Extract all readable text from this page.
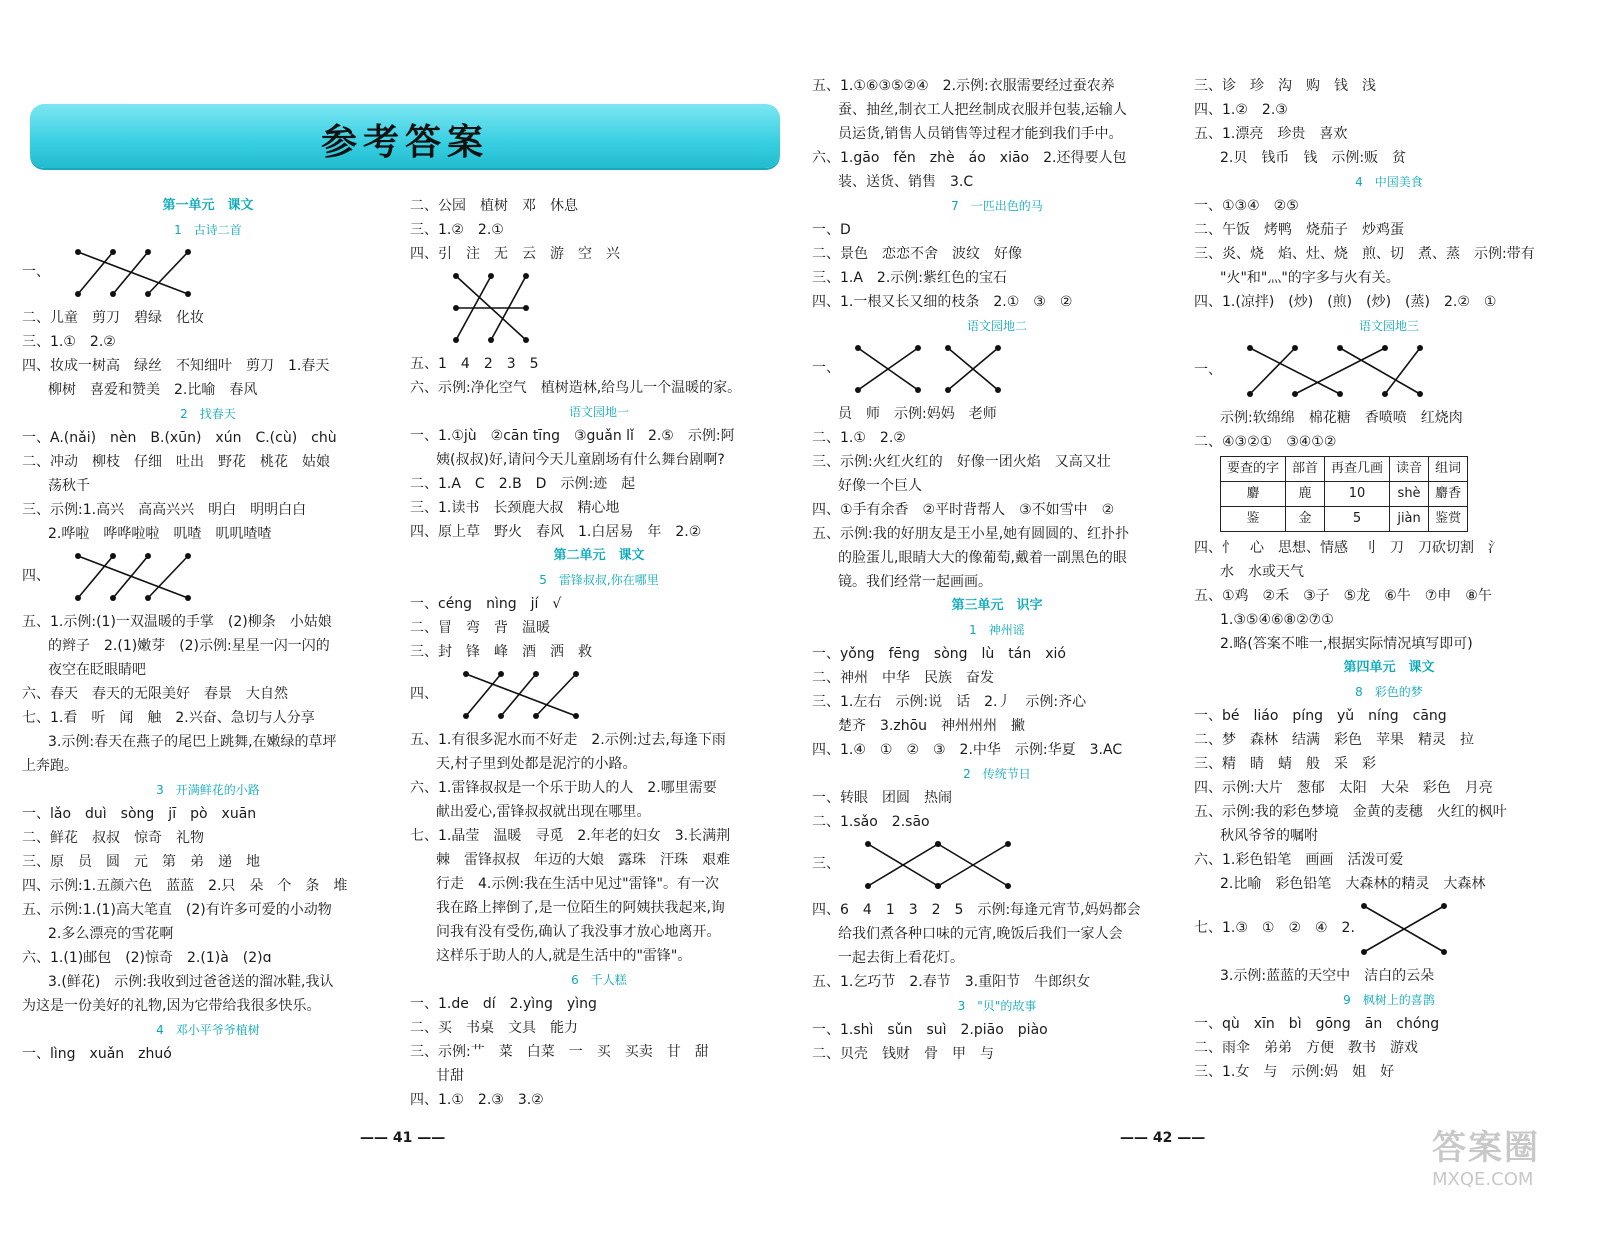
参考答案
第一单元　课文
1　古诗二首
一、
二、儿童　剪刀　碧绿　化妆
三、1.①　2.②
四、妆成一树高　绿丝　不知细叶　剪刀　1.春天
柳树　喜爱和赞美　2.比喻　春风
2　找春天
一、A.(nǎi)　nèn　B.(xūn)　xún　C.(cù)　chù
二、冲动　柳枝　仔细　吐出　野花　桃花　姑娘
荡秋千
三、示例:1.高兴　高高兴兴　明白　明明白白
2.哗啦　哗哗啦啦　叽喳　叽叽喳喳
四、
五、1.示例:(1)一双温暖的手掌　(2)柳条　小姑娘
的辫子　2.(1)嫩芽　(2)示例:星星一闪一闪的
夜空在眨眼睛吧
六、春天　春天的无限美好　春景　大自然
七、1.看　听　闻　触　2.兴奋、急切与人分享
3.示例:春天在燕子的尾巴上跳舞,在嫩绿的草坪
上奔跑。
3　开满鲜花的小路
一、lǎo　duì　sòng　jī　pò　xuān
二、鲜花　叔叔　惊奇　礼物
三、原　员　圆　元　第　弟　递　地
四、示例:1.五颜六色　蓝蓝　2.只　朵　个　条　堆
五、示例:1.(1)高大笔直　(2)有许多可爱的小动物
2.多么漂亮的雪花啊
六、1.(1)邮包　(2)惊奇　2.(1)à　(2)ɑ
3.(鲜花)　示例:我收到过爸爸送的溜冰鞋,我认
为这是一份美好的礼物,因为它带给我很多快乐。
4　邓小平爷爷植树
一、lìng　xuǎn　zhuó
二、公园　植树　邓　休息
三、1.②　2.①
四、引　注　无　云　游　空　兴
五、1　4　2　3　5
六、示例:净化空气　植树造林,给鸟儿一个温暖的家。
语文园地一
一、1.①jù　②cān tīng　③guǎn lǐ　2.⑤　示例:阿
姨(叔叔)好,请问今天儿童剧场有什么舞台剧啊?
二、1.A　C　2.B　D　示例:迹　起
三、1.读书　长颈鹿大叔　精心地
四、原上草　野火　春风　1.白居易　年　2.②
第二单元　课文
5　雷锋叔叔,你在哪里
一、céng　nìng　jí　√
二、冒　弯　背　温暖
三、封　锋　峰　酒　洒　救
四、
五、1.有很多泥水而不好走　2.示例:过去,每逢下雨
天,村子里到处都是泥泞的小路。
六、1.雷锋叔叔是一个乐于助人的人　2.哪里需要
献出爱心,雷锋叔叔就出现在哪里。
七、1.晶莹　温暖　寻觅　2.年老的妇女　3.长满荆
棘　雷锋叔叔　年迈的大娘　露珠　汗珠　艰难
行走　4.示例:我在生活中见过"雷锋"。有一次
我在路上摔倒了,是一位陌生的阿姨扶我起来,询
问我有没有受伤,确认了我没事才放心地离开。
这样乐于助人的人,就是生活中的"雷锋"。
6　千人糕
一、1.de　dí　2.yìng　yìng
二、买　书桌　文具　能力
三、示例:艹　菜　白菜　一　买　买卖　甘　甜
甘甜
四、1.①　2.③　3.②
—— 41 ——
五、1.①⑥③⑤②④　2.示例:衣服需要经过蚕农养
蚕、抽丝,制衣工人把丝制成衣服并包装,运输人
员运货,销售人员销售等过程才能到我们手中。
六、1.gāo　fěn　zhè　áo　xiāo　2.还得要人包
装、送货、销售　3.C
7　一匹出色的马
一、D
二、景色　恋恋不舍　波纹　好像
三、1.A　2.示例:紫红色的宝石
四、1.一根又长又细的枝条　2.①　③　②
语文园地二
一、
员　师　示例:妈妈　老师
二、1.①　2.②
三、示例:火红火红的　好像一团火焰　又高又壮
好像一个巨人
四、①手有余香　②平时背帮人　③不如雪中　②
五、示例:我的好朋友是王小星,她有圆圆的、红扑扑
的脸蛋儿,眼睛大大的像葡萄,戴着一副黑色的眼
镜。我们经常一起画画。
第三单元　识字
1　神州谣
一、yǒng　fēng　sòng　lù　tán　xió
二、神州　中华　民族　奋发
三、1.左右　示例:说　话　2.丿　示例:齐心
楚齐　3.zhōu　神州州州　撇
四、1.④　①　②　③　2.中华　示例:华夏　3.AC
2　传统节日
一、转眼　团圆　热闹
二、1.sǎo　2.sāo
三、
四、6　4　1　3　2　5　示例:每逢元宵节,妈妈都会
给我们煮各种口味的元宵,晚饭后我们一家人会
一起去街上看花灯。
五、1.乞巧节　2.春节　3.重阳节　牛郎织女
3　"贝"的故事
一、1.shì　sǔn　suì　2.piāo　piào
二、贝壳　钱财　骨　甲　与
三、诊　珍　沟　购　钱　浅
四、1.②　2.③
五、1.漂亮　珍贵　喜欢
2.贝　钱币　钱　示例:贩　贫
4　中国美食
一、①③④　②⑤
二、午饭　烤鸭　烧茄子　炒鸡蛋
三、炎、烧　焰、灶、烧　煎、切　煮、蒸　示例:带有
"火"和"灬"的字多与火有关。
四、1.(凉拌)　(炒)　(煎)　(炒)　(蒸)　2.②　①
语文园地三
一、
示例:软绵绵　棉花糖　香喷喷　红烧肉
二、④③②①　③④①②
要查的字	部首	再查几画	读音	组词
麝	鹿	10	shè	麝香
鉴	金	5	jiàn	鉴赏
四、忄　心　思想、情感　刂　刀　刀砍切割　氵
水　水或天气
五、①鸡　②禾　③子　⑤龙　⑥牛　⑦申　⑧午
1.③⑤④⑥⑧②⑦①
2.略(答案不唯一,根据实际情况填写即可)
第四单元　课文
8　彩色的梦
一、bé　liáo　píng　yǔ　níng　cāng
二、梦　森林　结满　彩色　苹果　精灵　拉
三、精　睛　蜻　般　采　彩
四、示例:大片　葱郁　太阳　大朵　彩色　月亮
五、示例:我的彩色梦境　金黄的麦穗　火红的枫叶
秋风爷爷的嘱咐
六、1.彩色铅笔　画画　活泼可爱
2.比喻　彩色铅笔　大森林的精灵　大森林
七、1.③　①　②　④　2.
3.示例:蓝蓝的天空中　洁白的云朵
9　枫树上的喜鹊
一、qù　xīn　bì　gōng　ān　chóng
二、雨伞　弟弟　方便　教书　游戏
三、1.女　与　示例:妈　姐　好
—— 42 ——	答案圈
MXQE.COM
